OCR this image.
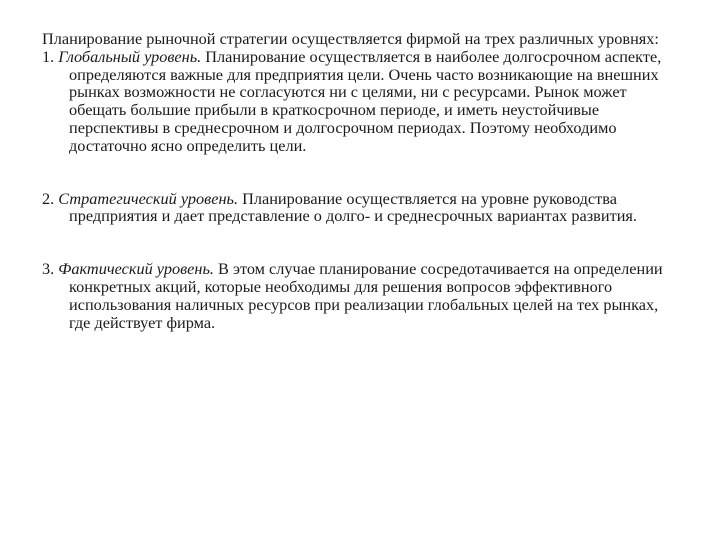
Планирование рыночной стратегии осуществляется фирмой на трех различных уровнях:

1. Глобальный уровень. Планирование осуществляется в наиболее долгосрочном аспекте, определяются важные для предприятия цели. Очень часто возникающие на внешних рынках возможности не согласуются ни с целями, ни с ресурсами. Рынок может обещать большие прибыли в краткосрочном периоде, и иметь неустойчивые перспективы в среднесрочном и долгосрочном периодах. Поэтому необходимо достаточно ясно определить цели.

2. Стратегический уровень. Планирование осуществляется на уровне руководства предприятия и дает представление о долго- и среднесрочных вариантах развития.

3. Фактический уровень. В этом случае планирование сосредотачивается на определении конкретных акций, которые необходимы для решения вопросов эффективного использования наличных ресурсов при реализации глобальных целей на тех рынках, где действует фирма.
